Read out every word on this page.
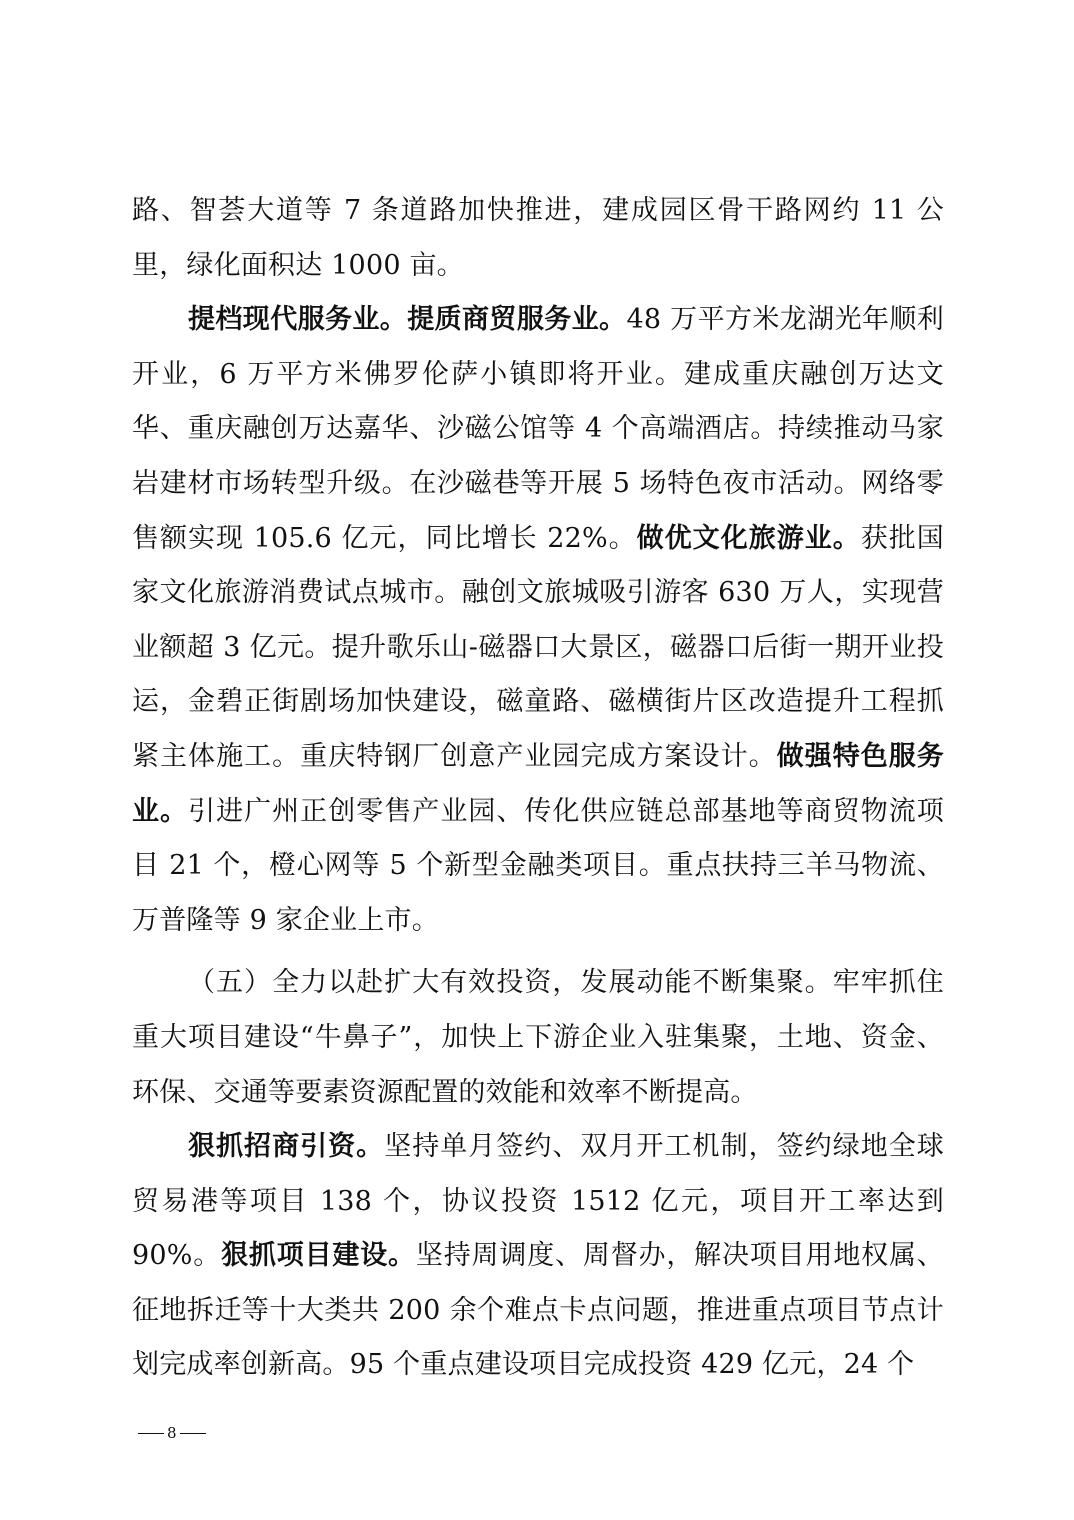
路、智荟大道等 7 条道路加快推进，建成园区骨干路网约 11 公里，绿化面积达 1000 亩。

提档现代服务业。提质商贸服务业。48 万平方米龙湖光年顺利开业，6 万平方米佛罗伦萨小镇即将开业。建成重庆融创万达文华、重庆融创万达嘉华、沙磁公馆等 4 个高端酒店。持续推动马家岩建材市场转型升级。在沙磁巷等开展 5 场特色夜市活动。网络零售额实现 105.6 亿元，同比增长 22%。做优文化旅游业。获批国家文化旅游消费试点城市。融创文旅城吸引游客 630 万人，实现营业额超 3 亿元。提升歌乐山-磁器口大景区，磁器口后街一期开业投运，金碧正街剧场加快建设，磁童路、磁横街片区改造提升工程抓紧主体施工。重庆特钢厂创意产业园完成方案设计。做强特色服务业。引进广州正创零售产业园、传化供应链总部基地等商贸物流项目 21 个，橙心网等 5 个新型金融类项目。重点扶持三羊马物流、万普隆等 9 家企业上市。

（五）全力以赴扩大有效投资，发展动能不断集聚。牢牢抓住重大项目建设“牛鼻子”，加快上下游企业入驻集聚，土地、资金、环保、交通等要素资源配置的效能和效率不断提高。

狠抓招商引资。坚持单月签约、双月开工机制，签约绿地全球贸易港等项目 138 个，协议投资 1512 亿元，项目开工率达到 90%。狠抓项目建设。坚持周调度、周督办，解决项目用地权属、征地拆迁等十大类共 200 余个难点卡点问题，推进重点项目节点计划完成率创新高。95 个重点建设项目完成投资 429 亿元，24 个

8
